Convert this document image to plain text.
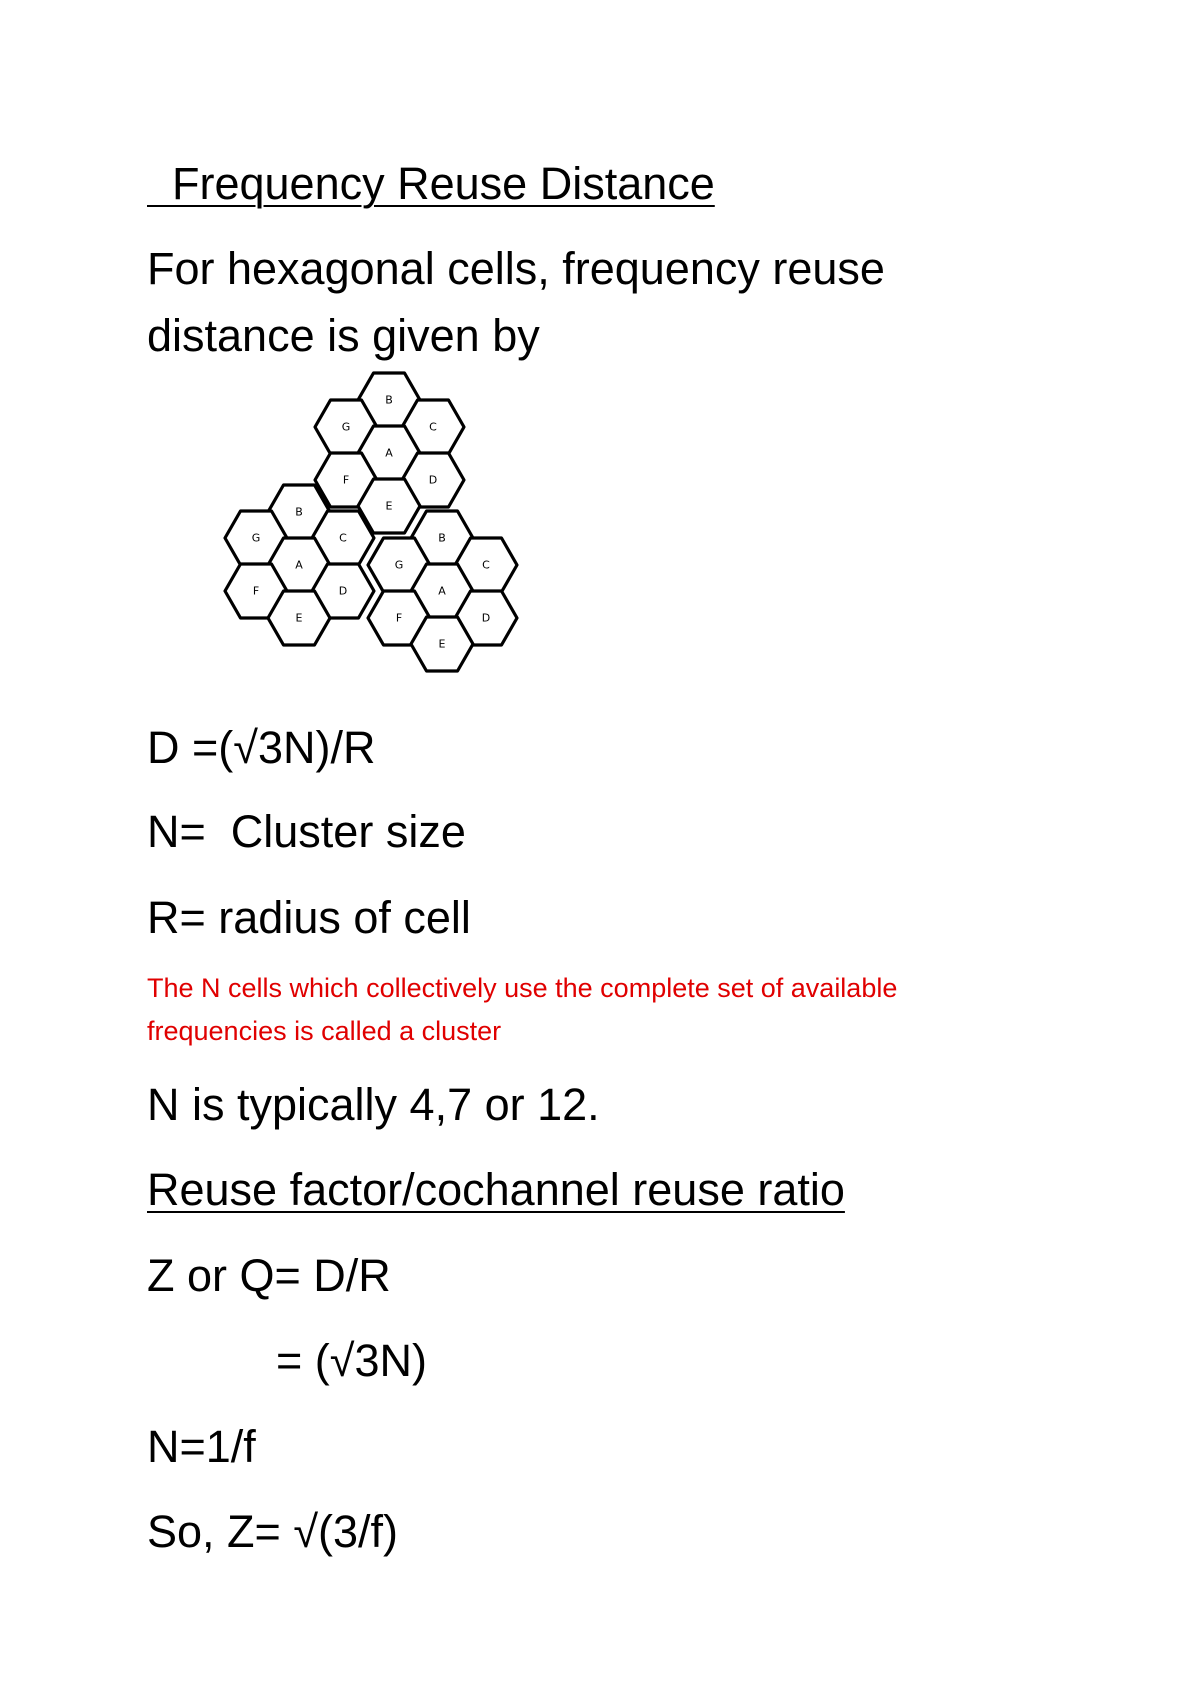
Frequency Reuse Distance
For hexagonal cells, frequency reuse
distance is given by
B
G	C
A
F	D
E
B
G	C
A
F	D
E
B
G	C
A
F	D
E
D =(√3N)/R
N=  Cluster size
R= radius of cell
The N cells which collectively use the complete set of available
frequencies is called a cluster
N is typically 4,7 or 12.
Reuse factor/cochannel reuse ratio
Z or Q= D/R
= (√3N)
N=1/f
So, Z= √(3/f)
